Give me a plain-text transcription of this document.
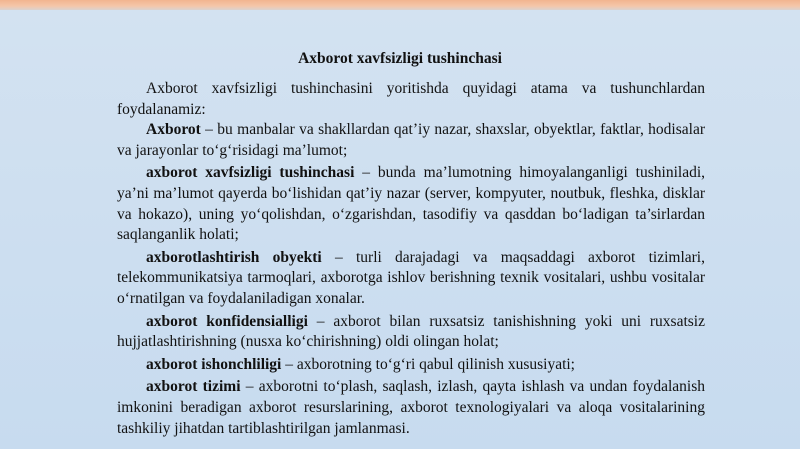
Axborot xavfsizligi tushinchasi

Axborot xavfsizligi tushinchasini yoritishda quyidagi atama va tushunchlardan foydalanamiz:

Axborot – bu manbalar va shakllardan qat’iy nazar, shaxslar, obyektlar, faktlar, hodisalar va jarayonlar to‘g‘risidagi ma’lumot;

axborot xavfsizligi tushinchasi – bunda ma’lumotning himoyalanganligi tushiniladi, ya’ni ma’lumot qayerda bo‘lishidan qat’iy nazar (server, kompyuter, noutbuk, fleshka, disklar va hokazo), uning yo‘qolishdan, o‘zgarishdan, tasodifiy va qasddan bo‘ladigan ta’sirlardan saqlanganlik holati;

axborotlashtirish obyekti – turli darajadagi va maqsaddagi axborot tizimlari, telekommunikatsiya tarmoqlari, axborotga ishlov berishning texnik vositalari, ushbu vositalar o‘rnatilgan va foydalaniladigan xonalar.

axborot konfidensialligi – axborot bilan ruxsatsiz tanishishning yoki uni ruxsatsiz hujjatlashtirishning (nusxa ko‘chirishning) oldi olingan holat;

axborot ishonchliligi – axborotning to‘g‘ri qabul qilinish xususiyati;

axborot tizimi – axborotni to‘plash, saqlash, izlash, qayta ishlash va undan foydalanish imkonini beradigan axborot resurslarining, axborot texnologiyalari va aloqa vositalarining tashkiliy jihatdan tartiblashtirilgan jamlanmasi.
